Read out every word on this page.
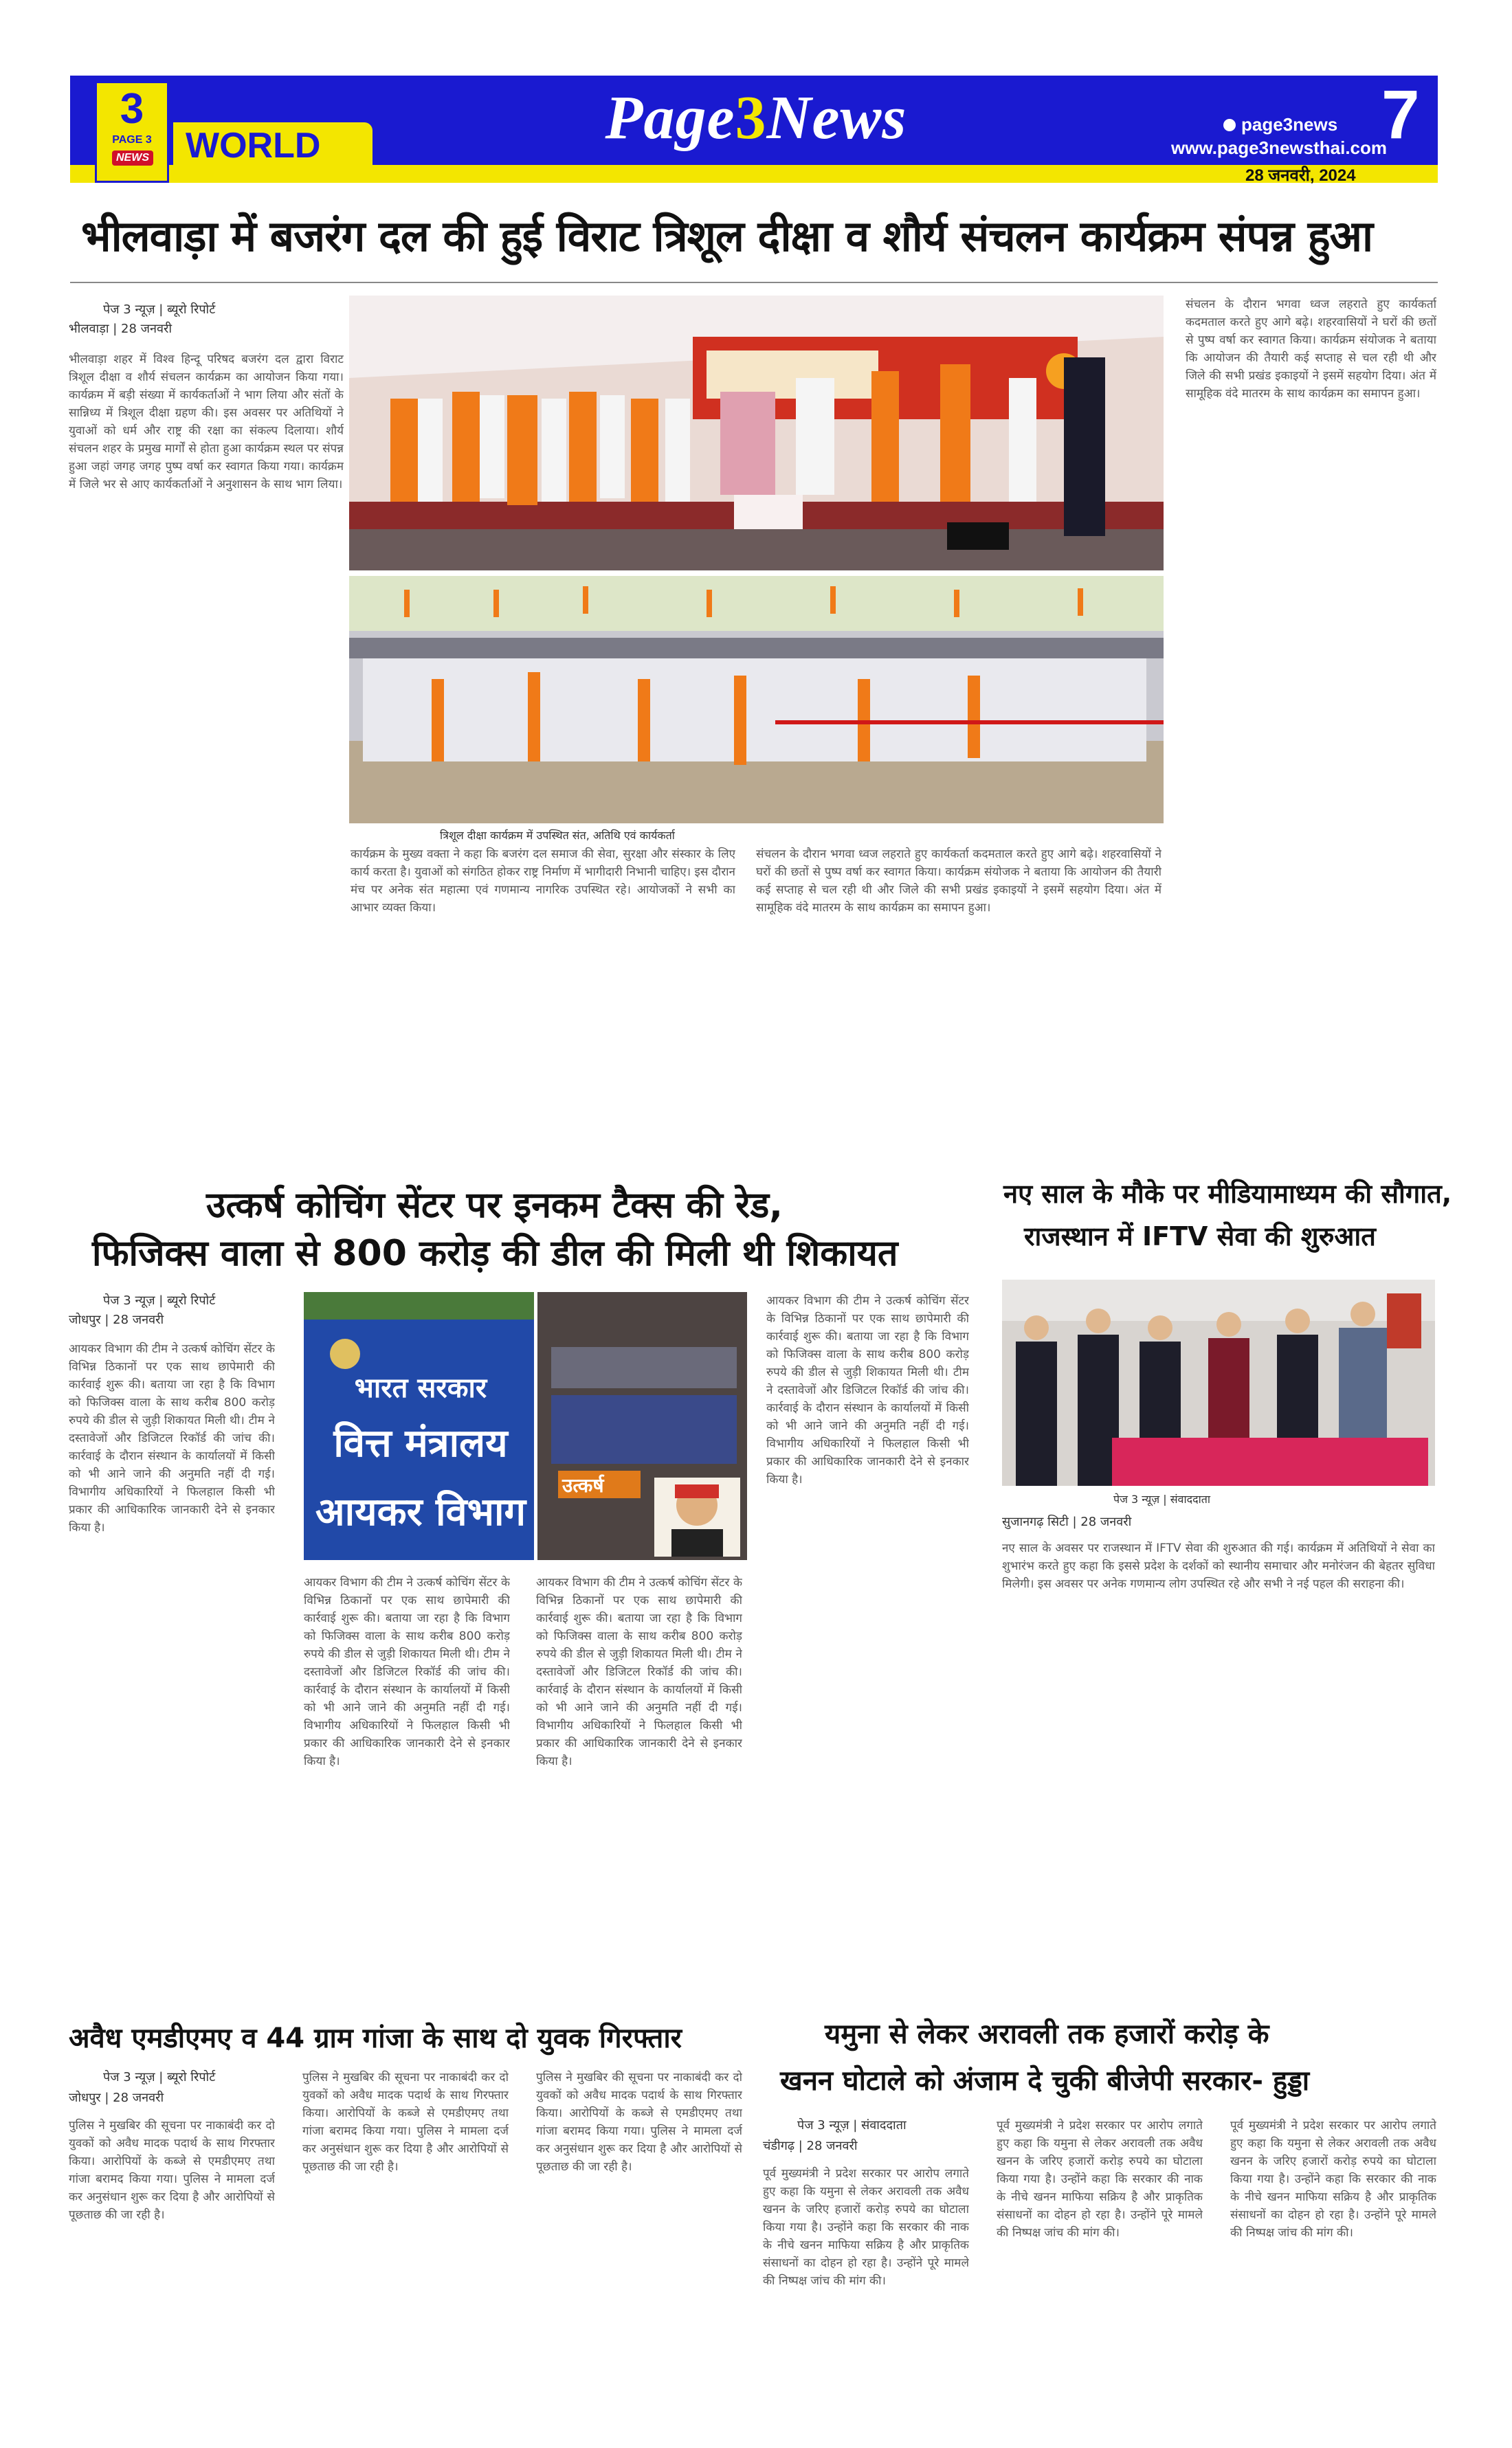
3
PAGE 3
NEWS WORLD	Page3News	page3news
www.page3newsthai.com
7
28 जनवरी, 2024
भीलवाड़ा में बजरंग दल की हुई विराट त्रिशूल दीक्षा व शौर्य संचलन कार्यक्रम संपन्न हुआ
पेज 3 न्यूज़ | ब्यूरो रिपोर्ट
भीलवाड़ा | 28 जनवरी
भीलवाड़ा शहर में विश्व हिन्दू परिषद बजरंग दल द्वारा विराट त्रिशूल दीक्षा व शौर्य संचलन कार्यक्रम का आयोजन किया गया। कार्यक्रम में बड़ी संख्या में कार्यकर्ताओं ने भाग लिया और संतों के सान्निध्य में त्रिशूल दीक्षा ग्रहण की। इस अवसर पर अतिथियों ने युवाओं को धर्म और राष्ट्र की रक्षा का संकल्प दिलाया। शौर्य संचलन शहर के प्रमुख मार्गों से होता हुआ कार्यक्रम स्थल पर संपन्न हुआ जहां जगह जगह पुष्प वर्षा कर स्वागत किया गया। कार्यक्रम में जिले भर से आए कार्यकर्ताओं ने अनुशासन के साथ भाग लिया।
त्रिशूल दीक्षा कार्यक्रम में उपस्थित संत, अतिथि एवं कार्यकर्ता
कार्यक्रम के मुख्य वक्ता ने कहा कि बजरंग दल समाज की सेवा, सुरक्षा और संस्कार के लिए कार्य करता है। युवाओं को संगठित होकर राष्ट्र निर्माण में भागीदारी निभानी चाहिए। इस दौरान मंच पर अनेक संत महात्मा एवं गणमान्य नागरिक उपस्थित रहे। आयोजकों ने सभी का आभार व्यक्त किया।
संचलन के दौरान भगवा ध्वज लहराते हुए कार्यकर्ता कदमताल करते हुए आगे बढ़े। शहरवासियों ने घरों की छतों से पुष्प वर्षा कर स्वागत किया। कार्यक्रम संयोजक ने बताया कि आयोजन की तैयारी कई सप्ताह से चल रही थी और जिले की सभी प्रखंड इकाइयों ने इसमें सहयोग दिया। अंत में सामूहिक वंदे मातरम के साथ कार्यक्रम का समापन हुआ।
संचलन के दौरान भगवा ध्वज लहराते हुए कार्यकर्ता कदमताल करते हुए आगे बढ़े। शहरवासियों ने घरों की छतों से पुष्प वर्षा कर स्वागत किया। कार्यक्रम संयोजक ने बताया कि आयोजन की तैयारी कई सप्ताह से चल रही थी और जिले की सभी प्रखंड इकाइयों ने इसमें सहयोग दिया। अंत में सामूहिक वंदे मातरम के साथ कार्यक्रम का समापन हुआ।
उत्कर्ष कोचिंग सेंटर पर इनकम टैक्स की रेड,
फिजिक्स वाला से 800 करोड़ की डील की मिली थी शिकायत
पेज 3 न्यूज़ | ब्यूरो रिपोर्ट
जोधपुर | 28 जनवरी
आयकर विभाग की टीम ने उत्कर्ष कोचिंग सेंटर के विभिन्न ठिकानों पर एक साथ छापेमारी की कार्रवाई शुरू की। बताया जा रहा है कि विभाग को फिजिक्स वाला के साथ करीब 800 करोड़ रुपये की डील से जुड़ी शिकायत मिली थी। टीम ने दस्तावेजों और डिजिटल रिकॉर्ड की जांच की। कार्रवाई के दौरान संस्थान के कार्यालयों में किसी को भी आने जाने की अनुमति नहीं दी गई। विभागीय अधिकारियों ने फिलहाल किसी भी प्रकार की आधिकारिक जानकारी देने से इनकार किया है।
भारत सरकार
वित्त मंत्रालय
आयकर विभाग
उत्कर्ष
आयकर विभाग की टीम ने उत्कर्ष कोचिंग सेंटर के विभिन्न ठिकानों पर एक साथ छापेमारी की कार्रवाई शुरू की। बताया जा रहा है कि विभाग को फिजिक्स वाला के साथ करीब 800 करोड़ रुपये की डील से जुड़ी शिकायत मिली थी। टीम ने दस्तावेजों और डिजिटल रिकॉर्ड की जांच की। कार्रवाई के दौरान संस्थान के कार्यालयों में किसी को भी आने जाने की अनुमति नहीं दी गई। विभागीय अधिकारियों ने फिलहाल किसी भी प्रकार की आधिकारिक जानकारी देने से इनकार किया है।
आयकर विभाग की टीम ने उत्कर्ष कोचिंग सेंटर के विभिन्न ठिकानों पर एक साथ छापेमारी की कार्रवाई शुरू की। बताया जा रहा है कि विभाग को फिजिक्स वाला के साथ करीब 800 करोड़ रुपये की डील से जुड़ी शिकायत मिली थी। टीम ने दस्तावेजों और डिजिटल रिकॉर्ड की जांच की। कार्रवाई के दौरान संस्थान के कार्यालयों में किसी को भी आने जाने की अनुमति नहीं दी गई। विभागीय अधिकारियों ने फिलहाल किसी भी प्रकार की आधिकारिक जानकारी देने से इनकार किया है।
आयकर विभाग की टीम ने उत्कर्ष कोचिंग सेंटर के विभिन्न ठिकानों पर एक साथ छापेमारी की कार्रवाई शुरू की। बताया जा रहा है कि विभाग को फिजिक्स वाला के साथ करीब 800 करोड़ रुपये की डील से जुड़ी शिकायत मिली थी। टीम ने दस्तावेजों और डिजिटल रिकॉर्ड की जांच की। कार्रवाई के दौरान संस्थान के कार्यालयों में किसी को भी आने जाने की अनुमति नहीं दी गई। विभागीय अधिकारियों ने फिलहाल किसी भी प्रकार की आधिकारिक जानकारी देने से इनकार किया है।
नए साल के मौके पर मीडियामाध्यम की सौगात,
राजस्थान में IFTV सेवा की शुरुआत
पेज 3 न्यूज़ | संवाददाता
सुजानगढ़ सिटी | 28 जनवरी
नए साल के अवसर पर राजस्थान में IFTV सेवा की शुरुआत की गई। कार्यक्रम में अतिथियों ने सेवा का शुभारंभ करते हुए कहा कि इससे प्रदेश के दर्शकों को स्थानीय समाचार और मनोरंजन की बेहतर सुविधा मिलेगी। इस अवसर पर अनेक गणमान्य लोग उपस्थित रहे और सभी ने नई पहल की सराहना की।
अवैध एमडीएमए व 44 ग्राम गांजा के साथ दो युवक गिरफ्तार
पेज 3 न्यूज़ | ब्यूरो रिपोर्ट
जोधपुर | 28 जनवरी
पुलिस ने मुखबिर की सूचना पर नाकाबंदी कर दो युवकों को अवैध मादक पदार्थ के साथ गिरफ्तार किया। आरोपियों के कब्जे से एमडीएमए तथा गांजा बरामद किया गया। पुलिस ने मामला दर्ज कर अनुसंधान शुरू कर दिया है और आरोपियों से पूछताछ की जा रही है।
पुलिस ने मुखबिर की सूचना पर नाकाबंदी कर दो युवकों को अवैध मादक पदार्थ के साथ गिरफ्तार किया। आरोपियों के कब्जे से एमडीएमए तथा गांजा बरामद किया गया। पुलिस ने मामला दर्ज कर अनुसंधान शुरू कर दिया है और आरोपियों से पूछताछ की जा रही है।
पुलिस ने मुखबिर की सूचना पर नाकाबंदी कर दो युवकों को अवैध मादक पदार्थ के साथ गिरफ्तार किया। आरोपियों के कब्जे से एमडीएमए तथा गांजा बरामद किया गया। पुलिस ने मामला दर्ज कर अनुसंधान शुरू कर दिया है और आरोपियों से पूछताछ की जा रही है।
यमुना से लेकर अरावली तक हजारों करोड़ के
खनन घोटाले को अंजाम दे चुकी बीजेपी सरकार- हुड्डा
पेज 3 न्यूज़ | संवाददाता
चंडीगढ़ | 28 जनवरी
पूर्व मुख्यमंत्री ने प्रदेश सरकार पर आरोप लगाते हुए कहा कि यमुना से लेकर अरावली तक अवैध खनन के जरिए हजारों करोड़ रुपये का घोटाला किया गया है। उन्होंने कहा कि सरकार की नाक के नीचे खनन माफिया सक्रिय है और प्राकृतिक संसाधनों का दोहन हो रहा है। उन्होंने पूरे मामले की निष्पक्ष जांच की मांग की।
पूर्व मुख्यमंत्री ने प्रदेश सरकार पर आरोप लगाते हुए कहा कि यमुना से लेकर अरावली तक अवैध खनन के जरिए हजारों करोड़ रुपये का घोटाला किया गया है। उन्होंने कहा कि सरकार की नाक के नीचे खनन माफिया सक्रिय है और प्राकृतिक संसाधनों का दोहन हो रहा है। उन्होंने पूरे मामले की निष्पक्ष जांच की मांग की।
पूर्व मुख्यमंत्री ने प्रदेश सरकार पर आरोप लगाते हुए कहा कि यमुना से लेकर अरावली तक अवैध खनन के जरिए हजारों करोड़ रुपये का घोटाला किया गया है। उन्होंने कहा कि सरकार की नाक के नीचे खनन माफिया सक्रिय है और प्राकृतिक संसाधनों का दोहन हो रहा है। उन्होंने पूरे मामले की निष्पक्ष जांच की मांग की।
